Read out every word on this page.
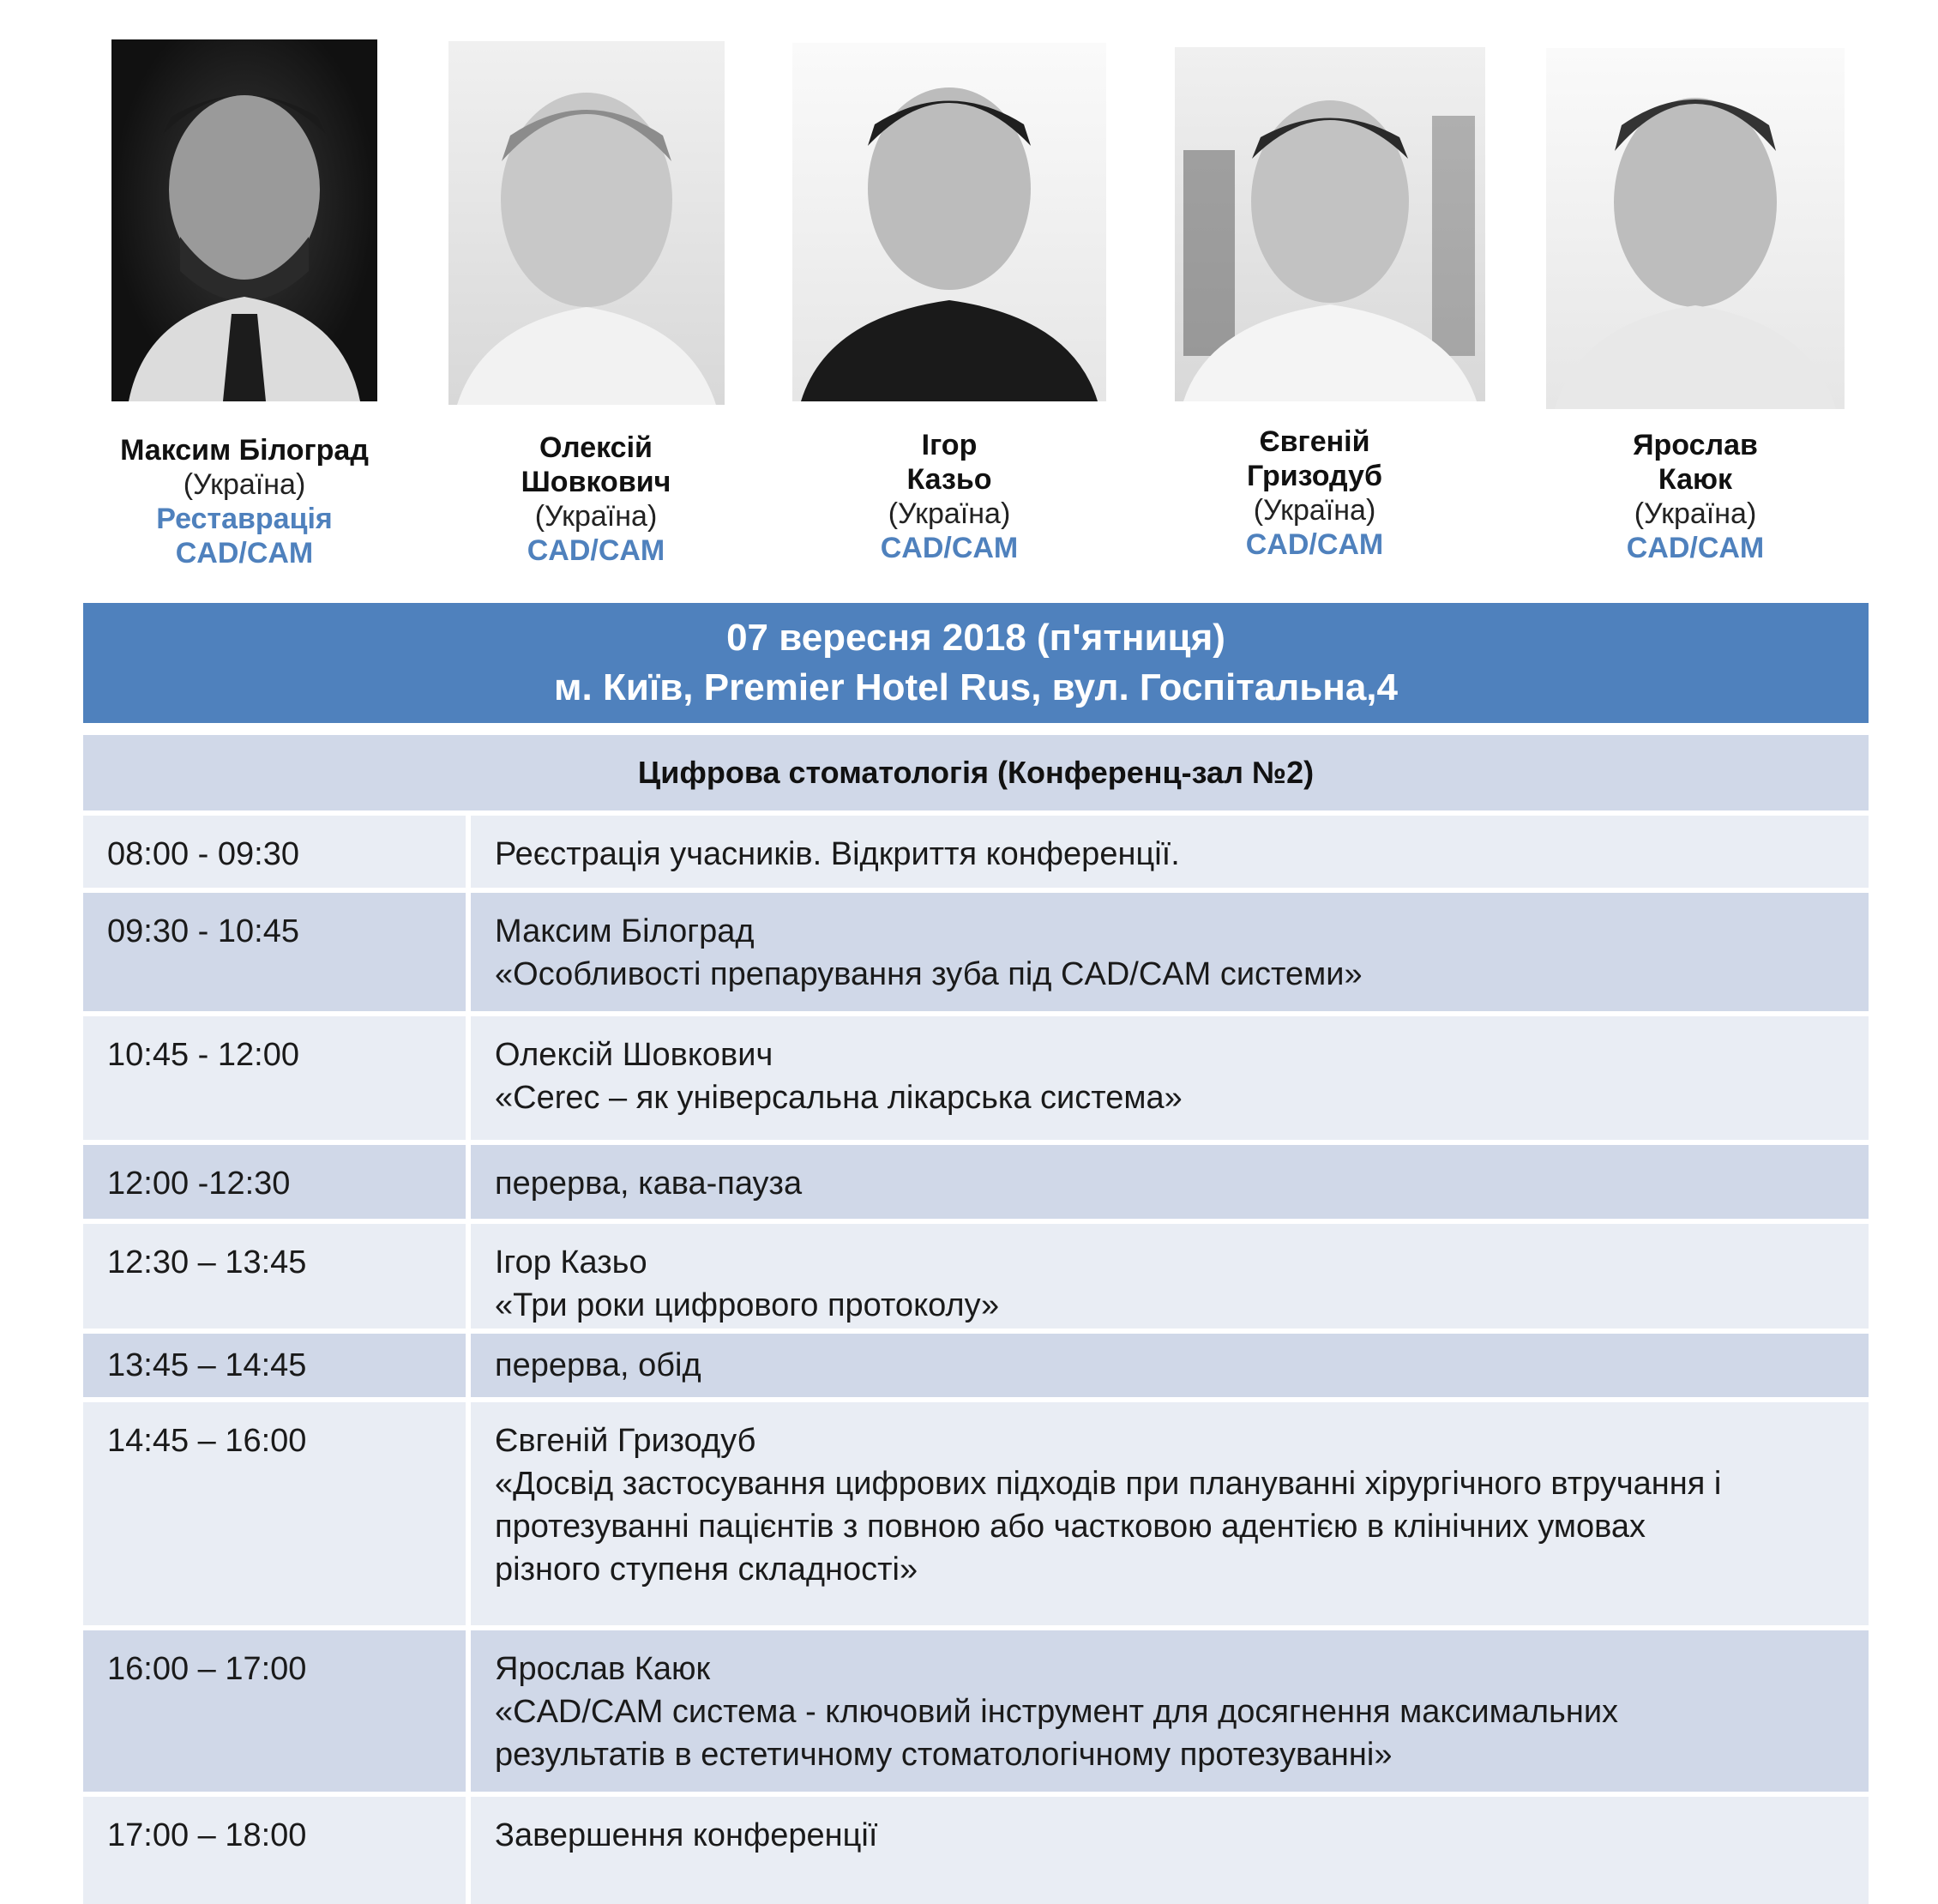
Максим Білоград
(Україна)
Реставрація
CAD/CAM
Олексій
Шовкович
(Україна)
CAD/CAM
Ігор
Казьо
(Україна)
CAD/CAM
Євгеній
Гризодуб
(Україна)
CAD/CAM
Ярослав
Каюк
(Україна)
CAD/CAM
07 вересня 2018 (п'ятниця)
м. Київ, Premier Hotel Rus, вул. Госпітальна,4
Цифрова стоматологія (Конференц-зал №2)
08:00 - 09:30	Реєстрація учасників. Відкриття конференції.
09:30 - 10:45	Максим Білоград
«Особливості препарування зуба під CAD/CAM системи»
10:45 - 12:00	Олексій Шовкович
«Cerec – як універсальна лікарська система»
12:00 -12:30	перерва, кава-пауза
12:30 – 13:45	Ігор Казьо
«Три роки цифрового протоколу»
13:45 – 14:45	перерва, обід
14:45 – 16:00	Євгеній Гризодуб
«Досвід застосування цифрових підходів при плануванні хірургічного втручання і
протезуванні пацієнтів з повною або частковою адентією в клінічних умовах
різного ступеня складності»
16:00 – 17:00	Ярослав Каюк
«CAD/CAM система - ключовий інструмент для досягнення максимальних
результатів в естетичному стоматологічному протезуванні»
17:00 – 18:00	Завершення конференції
